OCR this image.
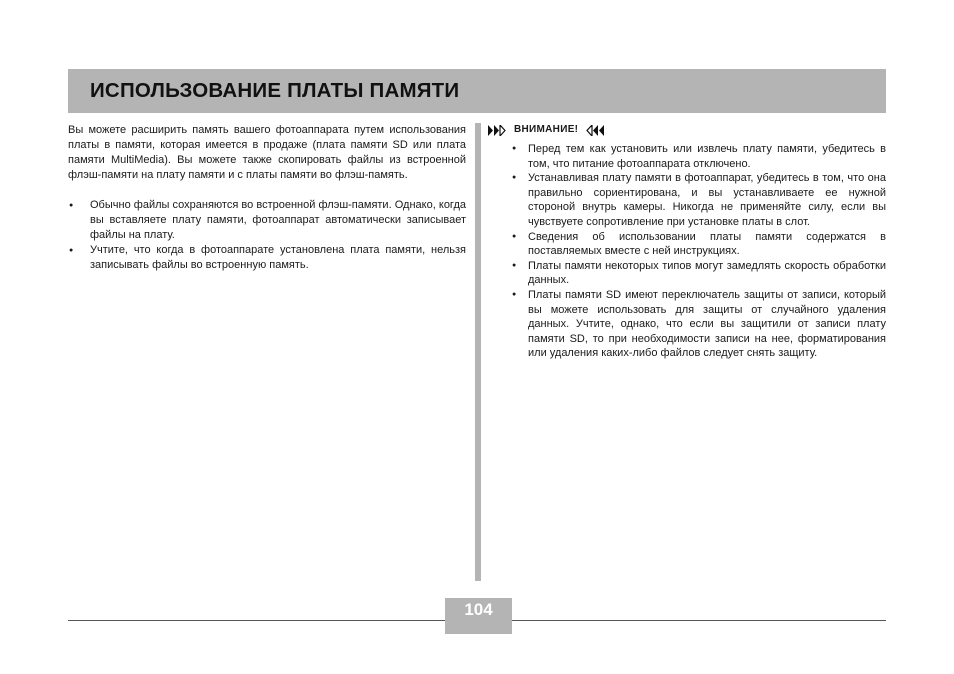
ИСПОЛЬЗОВАНИЕ ПЛАТЫ ПАМЯТИ

Вы можете расширить память вашего фотоаппарата путем использования платы в памяти, которая имеется в продаже (плата памяти SD или плата памяти MultiMedia). Вы можете также скопировать файлы из встроенной флэш-памяти на плату памяти и с платы памяти во флэш-память.

● Обычно файлы сохраняются во встроенной флэш-памяти. Однако, когда вы вставляете плату памяти, фотоаппарат автоматически записывает файлы на плату.
● Учтите, что когда в фотоаппарате установлена плата памяти, нельзя записывать файлы во встроенную память.
ВНИМАНИЕ!
● Перед тем как установить или извлечь плату памяти, убедитесь в том, что питание фотоаппарата отключено.
● Устанавливая плату памяти в фотоаппарат, убедитесь в том, что она правильно сориентирована, и вы устанавливаете ее нужной стороной внутрь камеры. Никогда не применяйте силу, если вы чувствуете сопротивление при установке платы в слот.
● Сведения об использовании платы памяти содержатся в поставляемых вместе с ней инструкциях.
● Платы памяти некоторых типов могут замедлять скорость обработки данных.
● Платы памяти SD имеют переключатель защиты от записи, который вы можете использовать для защиты от случайного удаления данных. Учтите, однако, что если вы защитили от записи плату памяти SD, то при необходимости записи на нее, форматирования или удаления каких-либо файлов следует снять защиту.
104
